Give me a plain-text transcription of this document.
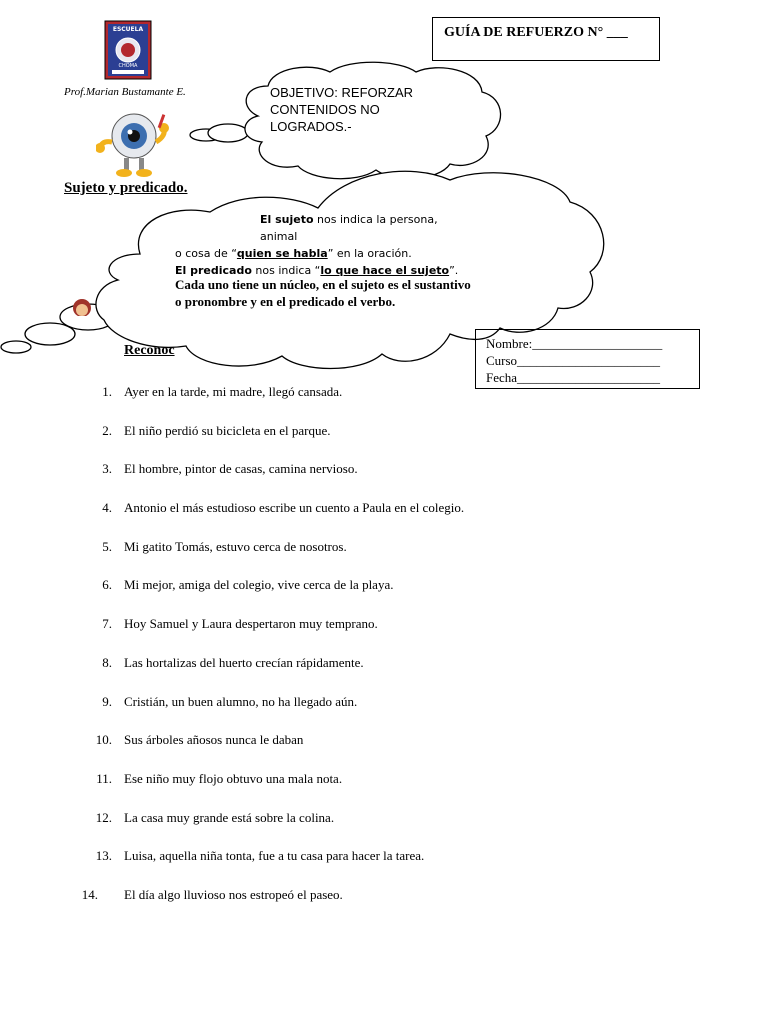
ESCUELA
CHOMA
Prof.Marian Bustamante E.
GUÍA DE REFUERZO N° ___
OBJETIVO: REFORZAR
CONTENIDOS NO
LOGRADOS.-
Sujeto y predicado.
Reconoc
El sujeto nos indica la persona, animal
o cosa de “quien se habla” en la oración.
El predicado nos indica “lo que hace el sujeto”.
Cada uno tiene un núcleo, en el sujeto es el sustantivo o pronombre y en el predicado el verbo.
Nombre:____________________
Curso______________________
Fecha______________________
1. Ayer en la tarde, mi madre, llegó cansada.
2. El niño perdió su bicicleta en el parque.
3. El hombre, pintor de casas, camina nervioso.
4. Antonio el más estudioso escribe un cuento a Paula en el colegio.
5. Mi gatito Tomás, estuvo cerca de nosotros.
6. Mi mejor, amiga del colegio, vive cerca de la playa.
7. Hoy Samuel y Laura despertaron muy temprano.
8. Las hortalizas del huerto crecían rápidamente.
9. Cristián, un buen alumno, no ha llegado aún.
10. Sus árboles añosos nunca le daban
11. Ese niño muy flojo obtuvo una mala nota.
12. La casa muy grande está sobre la colina.
13. Luisa, aquella niña tonta, fue a tu casa para hacer la tarea.
14. El día algo lluvioso nos estropeó el paseo.
